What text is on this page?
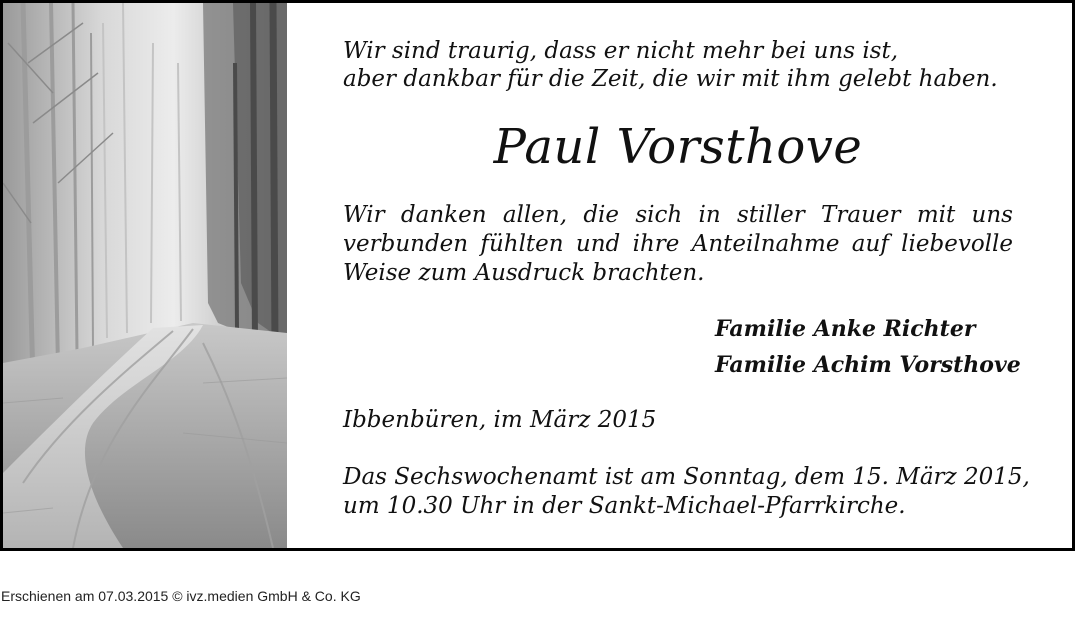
Wir sind traurig, dass er nicht mehr bei uns ist,
aber dankbar für die Zeit, die wir mit ihm gelebt haben.
Paul Vorsthove
Wir danken allen, die sich in stiller Trauer mit uns
verbunden fühlten und ihre Anteilnahme auf liebevolle
Weise zum Ausdruck brachten.
Familie Anke Richter
Familie Achim Vorsthove
Ibbenbüren, im März 2015
Das Sechswochenamt ist am Sonntag, dem 15. März 2015,
um 10.30 Uhr in der Sankt-Michael-Pfarrkirche.
Erschienen am 07.03.2015 © ivz.medien GmbH & Co. KG
